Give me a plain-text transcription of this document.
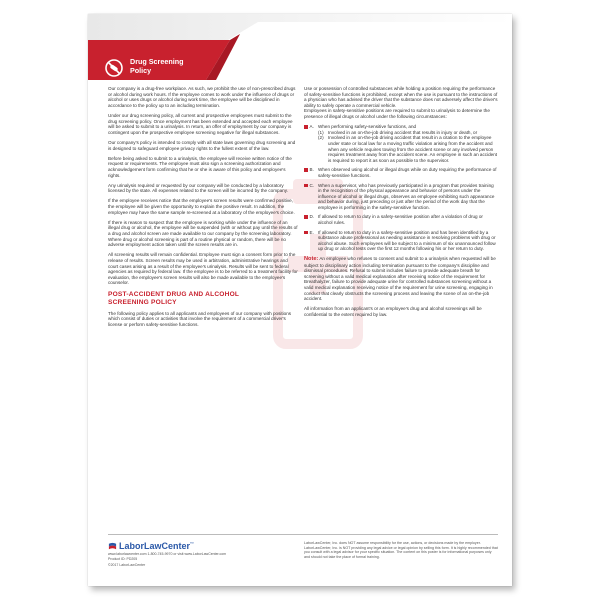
Drug Screening
Policy

Our company is a drug-free workplace. As such, we prohibit the use of non-prescribed drugs or alcohol during work hours. If the employee comes to work under the influence of drugs or alcohol or uses drugs or alcohol during work time, the employee will be disciplined in accordance to the policy up to an including termination.

Under our drug screening policy, all current and prospective employees must submit to the drug screening policy. Once employment has been extended and accepted each employee will be asked to submit to a urinalysis. In return, an offer of employment by our company is contingent upon the prospective employee screening negative for illegal substances.

Our company's policy is intended to comply with all state laws governing drug screening and is designed to safeguard employee privacy rights to the fullest extent of the law.

Before being asked to submit to a urinalysis, the employee will receive written notice of the request or requirements. The employee must also sign a screening authorization and acknowledgement form confirming that he or she is aware of this policy and employee's rights.

Any urinalysis required or requested by our company will be conducted by a laboratory licensed by the state. All expenses related to the screen will be incurred by the company.

If the employee receives notice that the employee's screen results were confirmed positive, the employee will be given the opportunity to explain the positive result. In addition, the employee may have the same sample re-screened at a laboratory of the employee's choice.

If there is reason to suspect that the employee is working while under the influence of an illegal drug or alcohol, the employee will be suspended (with or without pay until the results of a drug and alcohol screen are made available to our company by the screening laboratory. Where drug or alcohol screening is part of a routine physical or random, there will be no adverse employment action taken until the screen results are in.

All screening results will remain confidential. Employee must sign a consent form prior to the release of results. Screen results may be used in arbitration, administrative hearings and court cases arising as a result of the employee's urinalysis. Results will be sent to federal agencies as required by federal law. If the employee is to be referred to a treatment facility for evaluation, the employee's screen results will also be made available to the employee's counselor.

POST-ACCIDENT DRUG AND ALCOHOL
SCREENING POLICY

The following policy applies to all applicants and employees of our company with positions which consist of duties or activities that involve the requirement of a commercial driver's license or perform safety-sensitive functions.

Use or possession of controlled substances while holding a position requiring the performance of safety-sensitive functions is prohibited, except when the use is pursuant to the instructions of a physician who has advised the driver that the substance does not adversely affect the driver's ability to safely operate a commercial vehicle.

Employees in safety-sensitive positions are required to submit to urinalysis to determine the presence of illegal drugs or alcohol under the following circumstances:

A. When performing safety-sensitive functions, and
(1) Involved in an on-the-job driving accident that results in injury or death, or
(2) Involved in an on-the-job driving accident that result in a citation to the employee under state or local law for a moving traffic violation arising from the accident and when any vehicle requires towing from the accident scene or any involved person requires treatment away from the accident scene. An employee in such an accident is required to report it as soon as possible to the supervisor.
B. When observed using alcohol or illegal drugs while on duty requiring the performance of safety-sensitive functions.
C. When a supervisor, who has previously participated in a program that provides training in the recognition of the physical appearance and behavior of persons under the influence of alcohol or illegal drugs, observes an employee exhibiting such appearance and behavior during, just preceding or just after the period of the work day that the employee is performing in the safety-sensitive function.
D. If allowed to return to duty in a safety-sensitive position after a violation of drug or alcohol rules.
E. If allowed to return to duty in a safety-sensitive position and has been identified by a substance abuse professional as needing assistance in resolving problems with drug or alcohol abuse. Such employees will be subject to a minimum of six unannounced follow up drug or alcohol tests over the first 12 months following his or her return to duty.

Note: An employee who refuses to consent and submit to a urinalysis when requested will be subject to disciplinary action including termination pursuant to the company's discipline and dismissal procedures. Refusal to submit includes failure to provide adequate breath for screening without a valid medical explanation after receiving notice of the requirement for Breathalyzer, failure to provide adequate urine for controlled substances screening without a valid medical explanation receiving notice of the requirement for urine screening, engaging in conduct that clearly obstructs the screening process and leaving the scene of an on-the-job accident.

All information from an applicant's or an employee's drug and alcohol screenings will be confidential to the extent required by law.

LaborLawCenter™
www.laborlawcenter.com 1-800-745-9970 or visit www.LaborLawCenter.com
Product ID: PD205
©2017 LaborLawCenter
LaborLawCenter, Inc. does NOT assume responsibility for the use, actions, or decisions made by the employer. LaborLawCenter, Inc. is NOT providing any legal advice or legal opinion by selling this form. It is highly recommended that you consult with a legal advisor for your specific situation. The content on this poster is for informational purposes only and should not take the place of formal training.
